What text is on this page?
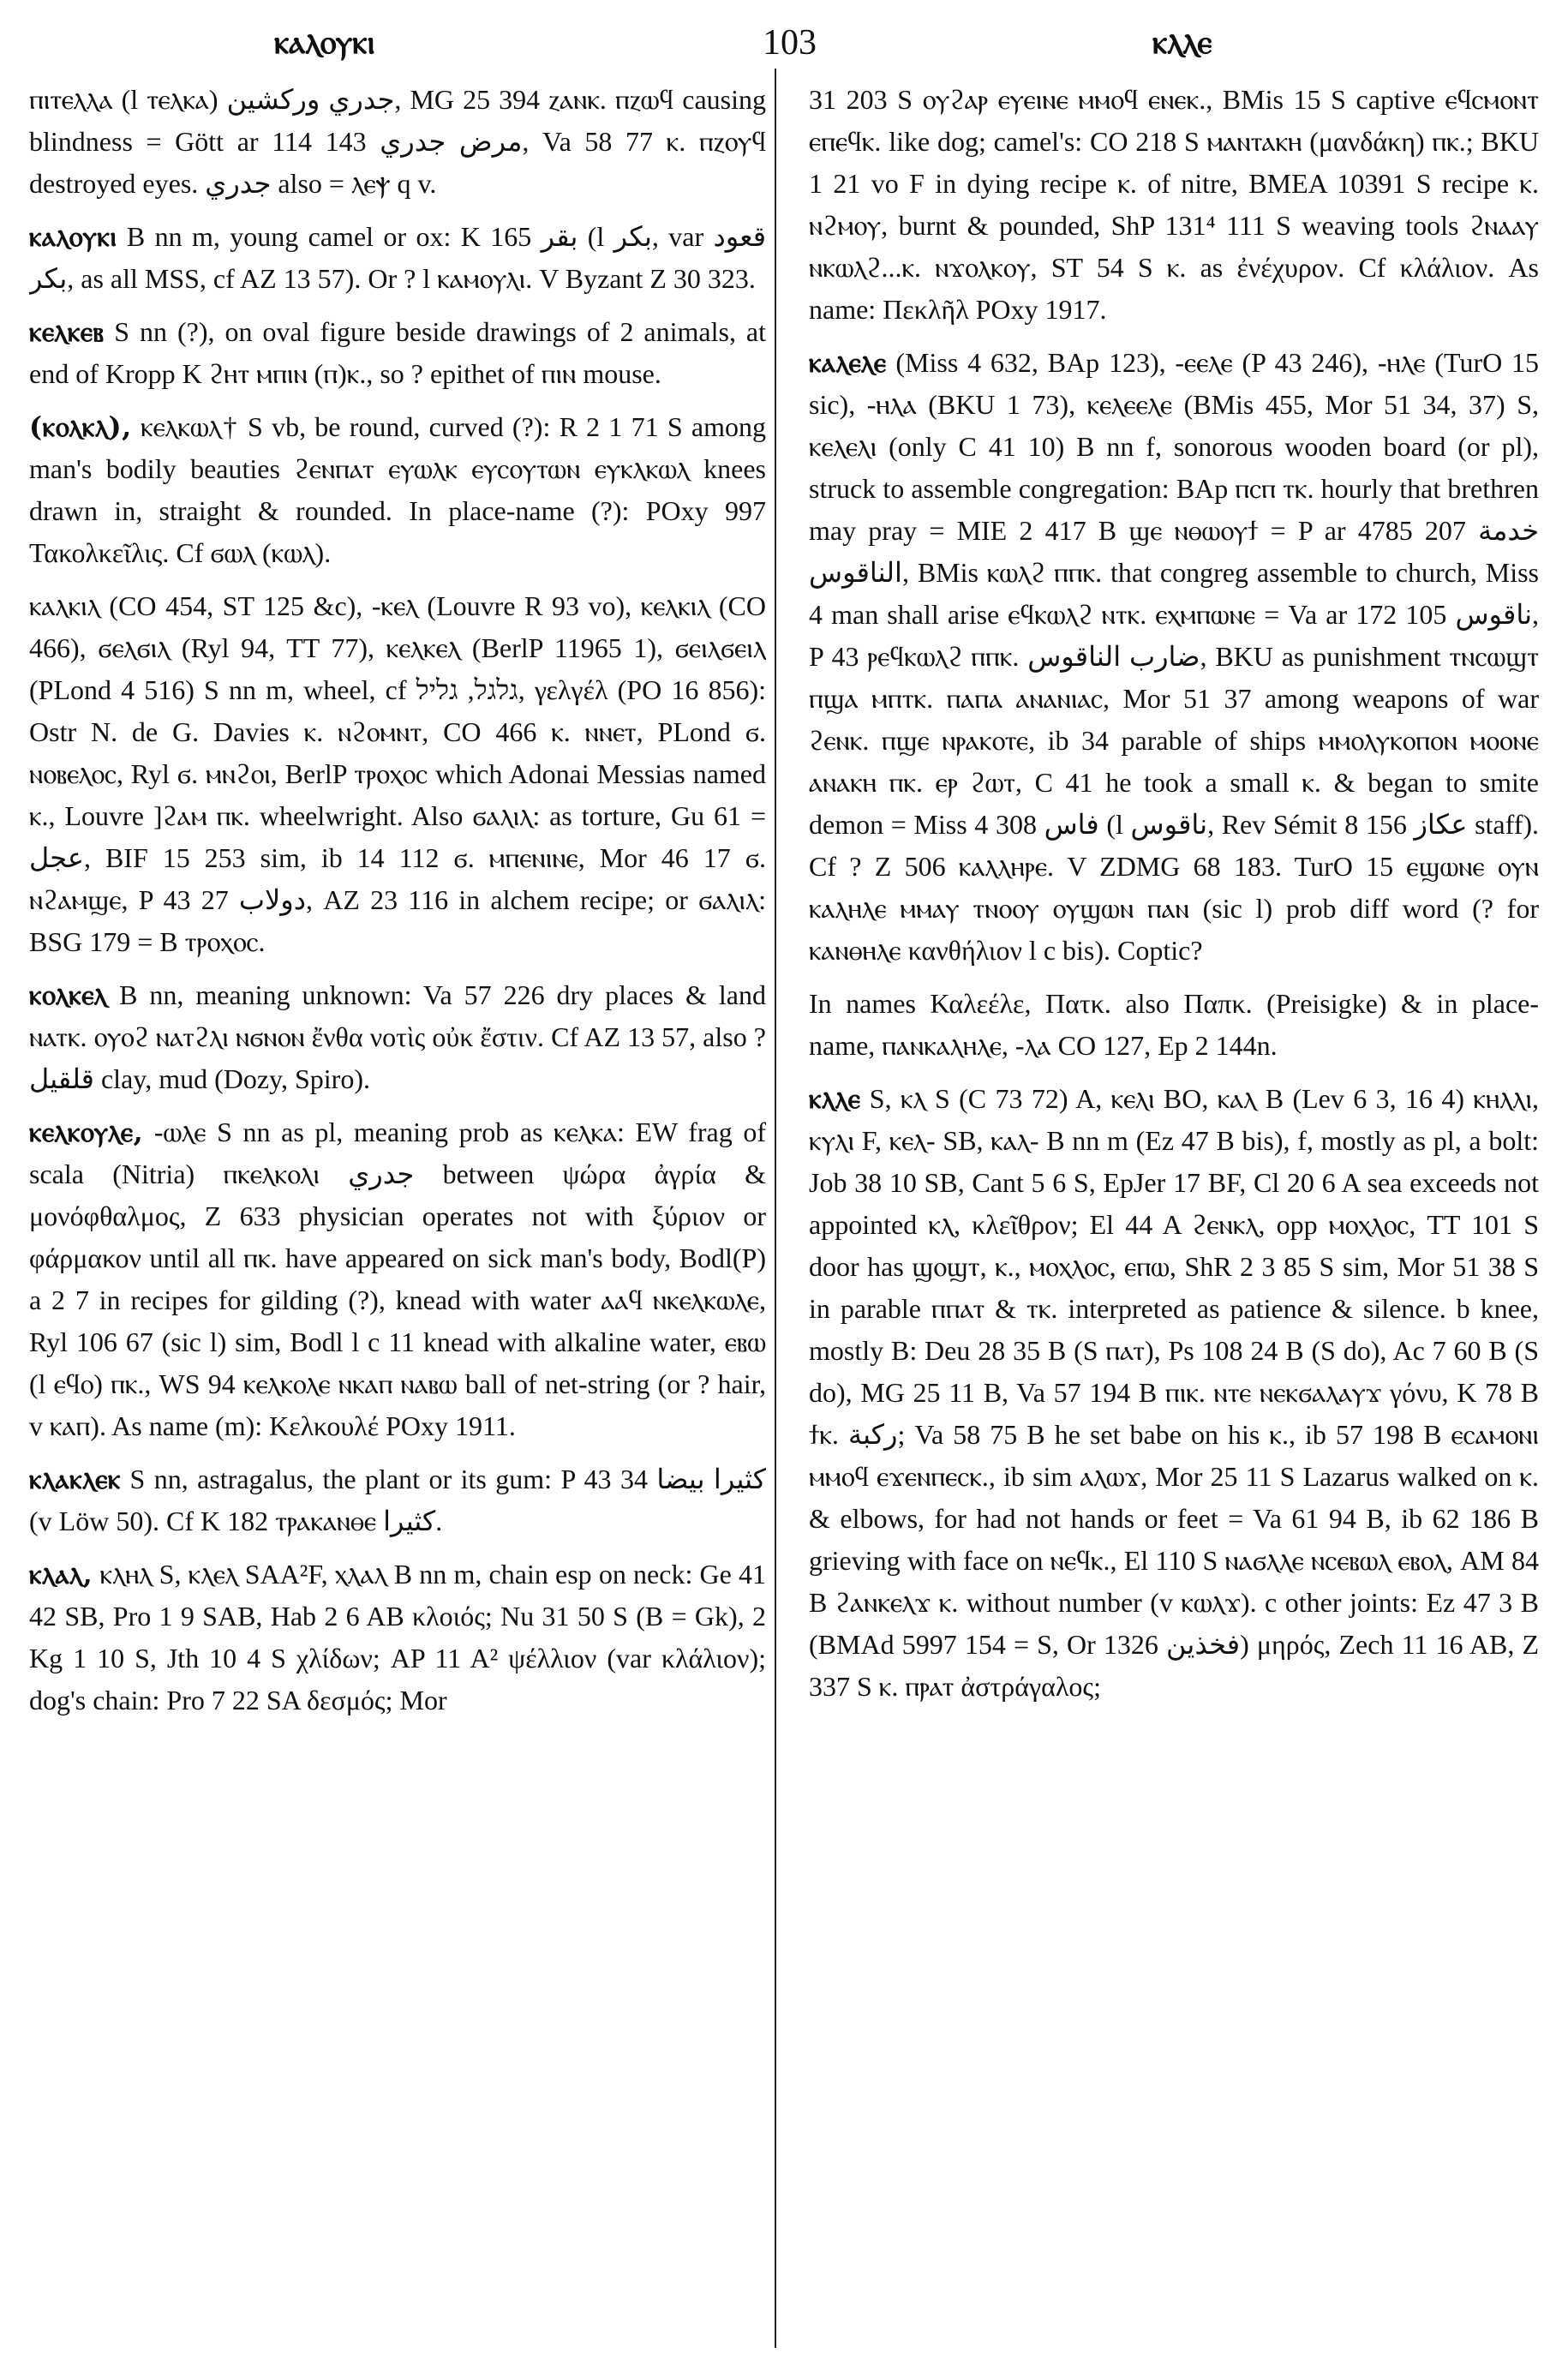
ⲕⲁⲗⲟⲩⲕⲓ	103	ⲕⲗⲗⲉ

ⲡⲓⲧⲉⲗⲗⲁ (l ⲧⲉⲗⲕⲁ) جدري وركشين, MG 25 394 ⲍⲁⲛⲕ. ⲡⲍⲱϥ causing blindness = Gött ar 114 143 مرض جدري, Va 58 77 ⲕ. ⲡⲍⲟⲩϥ destroyed eyes. جدري also = ⲗⲉⲯ q v.

ⲕⲁⲗⲟⲩⲕⲓ B nn m, young camel or ox: K 165 بقر (l بكر, var قعود بكر, as all MSS, cf AZ 13 57). Or ? l ⲕⲁⲙⲟⲩⲗⲓ. V Byzant Z 30 323.

ⲕⲉⲗⲕⲉⲃ S nn (?), on oval figure beside drawings of 2 animals, at end of Kropp K ϩⲏⲧ ⲙⲡⲓⲛ (ⲡ)ⲕ., so ? epithet of ⲡⲓⲛ mouse.

(ⲕⲟⲗⲕⲗ), ⲕⲉⲗⲕⲱⲗ† S vb, be round, curved (?): R 2 1 71 S among man's bodily beauties ϩⲉⲛⲡⲁⲧ ⲉⲩⲱⲗⲕ ⲉⲩⲥⲟⲩⲧⲱⲛ ⲉⲩⲕⲗⲕⲱⲗ knees drawn in, straight & rounded. In place-name (?): POxy 997 Τακολκεῖλις. Cf ϭⲱⲗ (ⲕⲱⲗ).

ⲕⲁⲗⲕⲓⲗ (CO 454, ST 125 &c), -ⲕⲉⲗ (Louvre R 93 vo), ⲕⲉⲗⲕⲓⲗ (CO 466), ϭⲉⲗϭⲓⲗ (Ryl 94, TT 77), ⲕⲉⲗⲕⲉⲗ (BerlP 11965 1), ϭⲉⲓⲗϭⲉⲓⲗ (PLond 4 516) S nn m, wheel, cf גלגל, גליל, γελγέλ (PO 16 856): Ostr N. de G. Davies ⲕ. ⲛϩⲟⲙⲛⲧ, CO 466 ⲕ. ⲛⲛⲉⲧ, PLond ϭ. ⲛⲟⲃⲉⲗⲟⲥ, Ryl ϭ. ⲙⲛϩⲟⲓ, BerlP ⲧⲣⲟⲭⲟⲥ which Adonai Messias named ⲕ., Louvre ]ϩⲁⲙ ⲡⲕ. wheelwright. Also ϭⲁⲗⲓⲗ: as torture, Gu 61 = عجل, BIF 15 253 sim, ib 14 112 ϭ. ⲙⲡⲉⲛⲓⲛⲉ, Mor 46 17 ϭ. ⲛϩⲁⲙϣⲉ, P 43 27 دولاب, AZ 23 116 in alchem recipe; or ϭⲁⲗⲓⲗ: BSG 179 = B ⲧⲣⲟⲭⲟⲥ.

ⲕⲟⲗⲕⲉⲗ B nn, meaning unknown: Va 57 226 dry places & land ⲛⲁⲧⲕ. ⲟⲩⲟϩ ⲛⲁⲧϩⲗⲓ ⲛϭⲛⲟⲛ ἔνθα νοτὶς οὐκ ἔστιν. Cf AZ 13 57, also ? قلقيل clay, mud (Dozy, Spiro).

ⲕⲉⲗⲕⲟⲩⲗⲉ, -ⲱⲗⲉ S nn as pl, meaning prob as ⲕⲉⲗⲕⲁ: EW frag of scala (Nitria) ⲡⲕⲉⲗⲕⲟⲗⲓ جدري between ψώρα ἀγρία & μονόφθαλμος, Z 633 physician operates not with ξύριον or φάρμακον until all ⲡⲕ. have appeared on sick man's body, Bodl(P) a 2 7 in recipes for gilding (?), knead with water ⲁⲁϥ ⲛⲕⲉⲗⲕⲱⲗⲉ, Ryl 106 67 (sic l) sim, Bodl l c 11 knead with alkaline water, ⲉⲃⲱ (l ⲉϥⲟ) ⲡⲕ., WS 94 ⲕⲉⲗⲕⲟⲗⲉ ⲛⲕⲁⲡ ⲛⲁⲃⲱ ball of net-string (or ? hair, v ⲕⲁⲡ). As name (m): Κελκουλέ POxy 1911.

ⲕⲗⲁⲕⲗⲉⲕ S nn, astragalus, the plant or its gum: P 43 34 كثيرا بيضا (v Löw 50). Cf K 182 ⲧⲣⲁⲕⲁⲛⲑⲉ كثيرا.

ⲕⲗⲁⲗ, ⲕⲗⲏⲗ S, ⲕⲗⲉⲗ SAA²F, ⲭⲗⲁⲗ B nn m, chain esp on neck: Ge 41 42 SB, Pro 1 9 SAB, Hab 2 6 AB κλοιός; Nu 31 50 S (B = Gk), 2 Kg 1 10 S, Jth 10 4 S χλίδων; AP 11 A² ψέλλιον (var κλάλιον); dog's chain: Pro 7 22 SA δεσμός; Mor

31 203 S ⲟⲩϩⲁⲣ ⲉⲩⲉⲓⲛⲉ ⲙⲙⲟϥ ⲉⲛⲉⲕ., BMis 15 S captive ⲉϥⲥⲙⲟⲛⲧ ⲉⲡⲉϥⲕ. like dog; camel's: CO 218 S ⲙⲁⲛⲧⲁⲕⲏ (μανδάκη) ⲡⲕ.; BKU 1 21 vo F in dying recipe ⲕ. of nitre, BMEA 10391 S recipe ⲕ. ⲛϩⲙⲟⲩ, burnt & pounded, ShP 131⁴ 111 S weaving tools ϩⲛⲁⲁⲩ ⲛⲕⲱⲗϩ...ⲕ. ⲛϫⲟⲗⲕⲟⲩ, ST 54 S ⲕ. as ἐνέχυρον. Cf κλάλιον. As name: Πεκλῆλ POxy 1917.

ⲕⲁⲗⲉⲗⲉ (Miss 4 632, BAp 123), -ⲉⲉⲗⲉ (P 43 246), -ⲏⲗⲉ (TurO 15 sic), -ⲏⲗⲁ (BKU 1 73), ⲕⲉⲗⲉⲉⲗⲉ (BMis 455, Mor 51 34, 37) S, ⲕⲉⲗⲉⲗⲓ (only C 41 10) B nn f, sonorous wooden board (or pl), struck to assemble congregation: BAp ⲡⲥⲡ ⲧⲕ. hourly that brethren may pray = MIE 2 417 B ϣⲉ ⲛⲑⲱⲟⲩϯ = P ar 4785 207 خدمة الناقوس, BMis ⲕⲱⲗϩ ⲡⲡⲕ. that congreg assemble to church, Miss 4 man shall arise ⲉϥⲕⲱⲗϩ ⲛⲧⲕ. ⲉⲭⲙⲡⲱⲛⲉ = Va ar 172 105 ناقوس, P 43 ⲣⲉϥⲕⲱⲗϩ ⲡⲡⲕ. ضارب الناقوس, BKU as punishment ⲧⲛⲥⲱϣⲧ ⲡϣⲁ ⲙⲡⲧⲕ. ⲡⲁⲡⲁ ⲁⲛⲁⲛⲓⲁⲥ, Mor 51 37 among weapons of war ϩⲉⲛⲕ. ⲡϣⲉ ⲛⲣⲁⲕⲟⲧⲉ, ib 34 parable of ships ⲙⲙⲟⲗⲩⲕⲟⲡⲟⲛ ⲙⲟⲟⲛⲉ ⲁⲛⲁⲕⲏ ⲡⲕ. ⲉⲣ ϩⲱⲧ, C 41 he took a small ⲕ. & began to smite demon = Miss 4 308 فاس (l ناقوس, Rev Sémit 8 156 عكاز staff). Cf ? Z 506 ⲕⲁⲗⲗⲏⲣⲉ. V ZDMG 68 183. TurO 15 ⲉϣⲱⲛⲉ ⲟⲩⲛ ⲕⲁⲗⲏⲗⲉ ⲙⲙⲁⲩ ⲧⲛⲟⲟⲩ ⲟⲩϣⲱⲛ ⲡⲁⲛ (sic l) prob diff word (? for ⲕⲁⲛⲑⲏⲗⲉ κανθήλιον l c bis). Coptic?

In names Καλεέλε, Πατκ. also Παπκ. (Preisigke) & in place-name, ⲡⲁⲛⲕⲁⲗⲏⲗⲉ, -ⲗⲁ CO 127, Ep 2 144n.

ⲕⲗⲗⲉ S, ⲕⲗ S (C 73 72) A, ⲕⲉⲗⲓ BO, ⲕⲁⲗ B (Lev 6 3, 16 4) ⲕⲏⲗⲗⲓ, ⲕⲩⲗⲓ F, ⲕⲉⲗ- SB, ⲕⲁⲗ- B nn m (Ez 47 B bis), f, mostly as pl, a bolt: Job 38 10 SB, Cant 5 6 S, EpJer 17 BF, Cl 20 6 A sea exceeds not appointed ⲕⲗ, κλεῖθρον; El 44 A ϩⲉⲛⲕⲗ, opp ⲙⲟⲭⲗⲟⲥ, TT 101 S door has ϣⲟϣⲧ, ⲕ., ⲙⲟⲭⲗⲟⲥ, ⲉⲡⲱ, ShR 2 3 85 S sim, Mor 51 38 S in parable ⲡⲡⲁⲧ & ⲧⲕ. interpreted as patience & silence. b knee, mostly B: Deu 28 35 B (S ⲡⲁⲧ), Ps 108 24 B (S do), Ac 7 60 B (S do), MG 25 11 B, Va 57 194 B ⲡⲓⲕ. ⲛⲧⲉ ⲛⲉⲕϭⲁⲗⲁⲩϫ γόνυ, K 78 B ϯⲕ. ركبة; Va 58 75 B he set babe on his ⲕ., ib 57 198 B ⲉⲥⲁⲙⲟⲛⲓ ⲙⲙⲟϥ ⲉϫⲉⲛⲡⲉⲥⲕ., ib sim ⲁⲗⲱϫ, Mor 25 11 S Lazarus walked on ⲕ. & elbows, for had not hands or feet = Va 61 94 B, ib 62 186 B grieving with face on ⲛⲉϥⲕ., El 110 S ⲛⲁϭⲗⲗⲉ ⲛⲥⲉⲃⲱⲗ ⲉⲃⲟⲗ, AM 84 B ϩⲁⲛⲕⲉⲗϫ ⲕ. without number (v ⲕⲱⲗϫ). c other joints: Ez 47 3 B (BMAd 5997 154 = S, Or 1326 فخذين) μηρός, Zech 11 16 AB, Z 337 S ⲕ. ⲡⲣⲁⲧ ἀστράγαλος;
